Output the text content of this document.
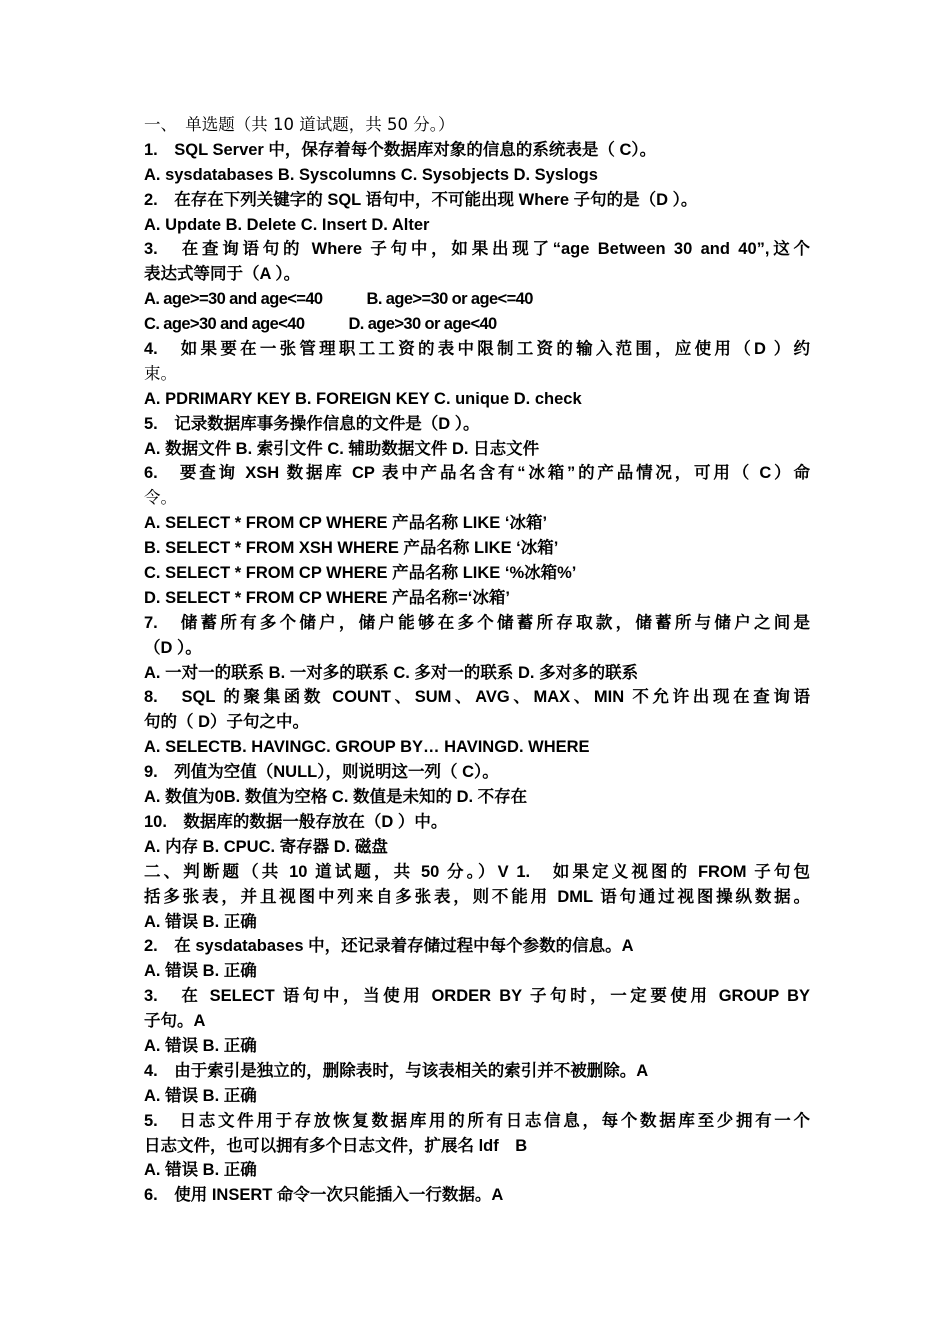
一、　单选题（共 10 道试题，共 50 分。）
1.　SQL Server 中，保存着每个数据库对象的信息的系统表是（ C）。
A. sysdatabases B. Syscolumns C. Sysobjects D. Syslogs
2.　在存在下列关键字的 SQL 语句中，不可能出现 Where 子句的是（D ）。
A. Update B. Delete C. Insert D. Alter
3.　在查询语句的 Where 子句中，如果出现了“age Between 30 and 40”,这个
表达式等同于（A ）。
A. age>=30 and age<=40	B. age>=30 or age<=40
C. age>30 and age<40	D. age>30 or age<40
4.　如果要在一张管理职工工资的表中限制工资的输入范围，应使用（D ）约
束。
A. PDRIMARY KEY B. FOREIGN KEY C. unique D. check
5.　记录数据库事务操作信息的文件是（D ）。
A. 数据文件 B. 索引文件 C. 辅助数据文件 D. 日志文件
6.　要查询 XSH 数据库 CP 表中产品名含有“冰箱”的产品情况，可用（ C）命
令。
A. SELECT * FROM CP WHERE 产品名称 LIKE ‘冰箱’
B. SELECT * FROM XSH WHERE 产品名称 LIKE ‘冰箱’
C. SELECT * FROM CP WHERE 产品名称 LIKE ‘%冰箱%’
D. SELECT * FROM CP WHERE 产品名称=‘冰箱’
7.　储蓄所有多个储户，储户能够在多个储蓄所存取款，储蓄所与储户之间是
（D ）。
A. 一对一的联系 B. 一对多的联系 C. 多对一的联系 D. 多对多的联系
8.　SQL 的聚集函数 COUNT、SUM、AVG、MAX、MIN 不允许出现在查询语
句的（ D）子句之中。
A. SELECTB. HAVINGC. GROUP BY… HAVINGD. WHERE
9.　列值为空值（NULL），则说明这一列（ C）。
A. 数值为0B. 数值为空格 C. 数值是未知的 D. 不存在
10.　数据库的数据一般存放在（D ）中。
A. 内存 B. CPUC. 寄存器 D. 磁盘
二、判断题（共 10 道试题，共 50 分。）V 1.　如果定义视图的 FROM 子句包
括多张表，并且视图中列来自多张表，则不能用 DML 语句通过视图操纵数据。
A. 错误 B. 正确
2.　在 sysdatabases 中，还记录着存储过程中每个参数的信息。A
A. 错误 B. 正确
3.　在 SELECT 语句中，当使用 ORDER BY 子句时，一定要使用 GROUP BY
子句。A
A. 错误 B. 正确
4.　由于索引是独立的，删除表时，与该表相关的索引并不被删除。A
A. 错误 B. 正确
5.　日志文件用于存放恢复数据库用的所有日志信息，每个数据库至少拥有一个
日志文件，也可以拥有多个日志文件，扩展名 ldf　B
A. 错误 B. 正确
6.　使用 INSERT 命令一次只能插入一行数据。A
